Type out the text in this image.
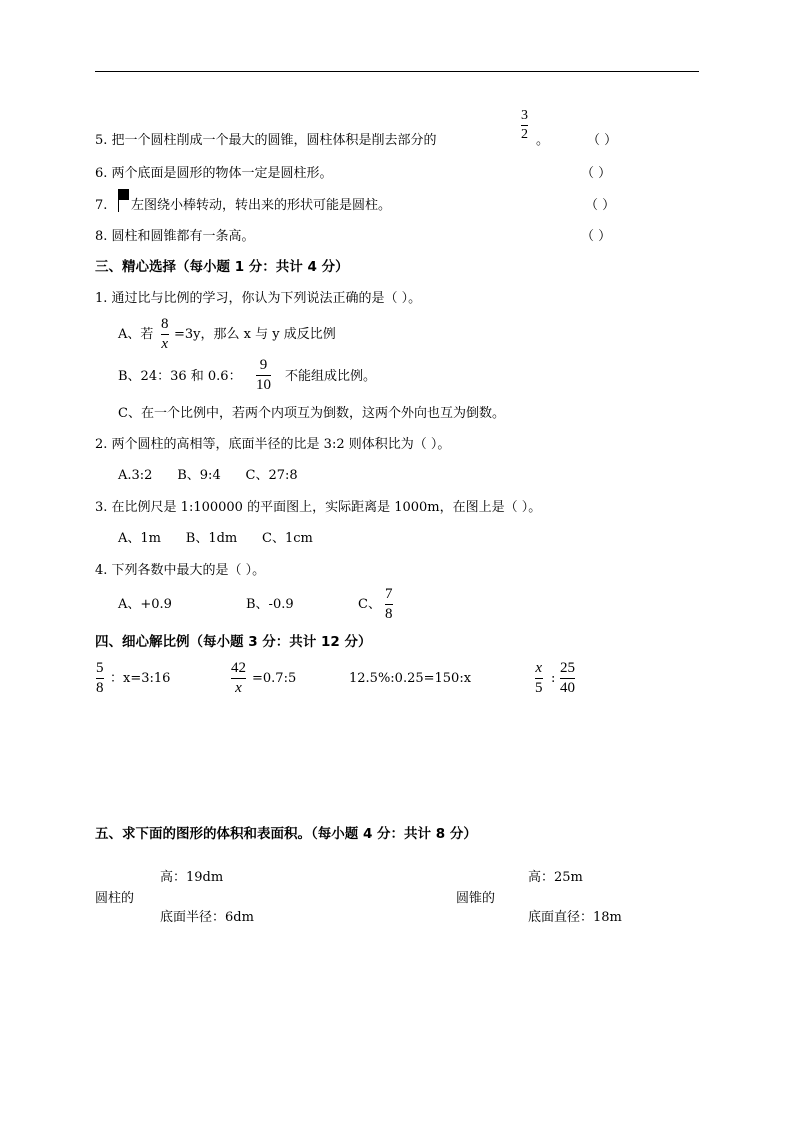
5. 把一个圆柱削成一个最大的圆锥，圆柱体积是削去部分的
3
2 。	（ ）
6. 两个底面是圆形的物体一定是圆柱形。	（ ）
7. 左图绕小棒转动，转出来的形状可能是圆柱。	（ ）
8. 圆柱和圆锥都有一条高。	（ ）
三、精心选择（每小题 1 分：共计 4 分）
1. 通过比与比例的学习，你认为下列说法正确的是（ ）。
A、若
8
x
=3y，那么 x 与 y 成反比例
B、24：36 和 0.6：
9
10
不能组成比例。
C、在一个比例中，若两个内项互为倒数，这两个外向也互为倒数。
2. 两个圆柱的高相等，底面半径的比是 3:2 则体积比为（ ）。
A.3:2      B、9:4      C、27:8
3. 在比例尺是 1:100000 的平面图上，实际距离是 1000m，在图上是（ ）。
A、1m      B、1dm      C、1cm
4. 下列各数中最大的是（ ）。
A、+0.9	B、-0.9	C、
7
8
四、细心解比例（每小题 3 分：共计 12 分）
5
8
：x=3:16
42
x
=0.7:5	12.5%:0.25=150:x
x
5
:
25
40
五、求下面的图形的体积和表面积。（每小题 4 分：共计 8 分）
高：19dm
圆柱的
底面半径：6dm
高：25m
圆锥的
底面直径：18m
